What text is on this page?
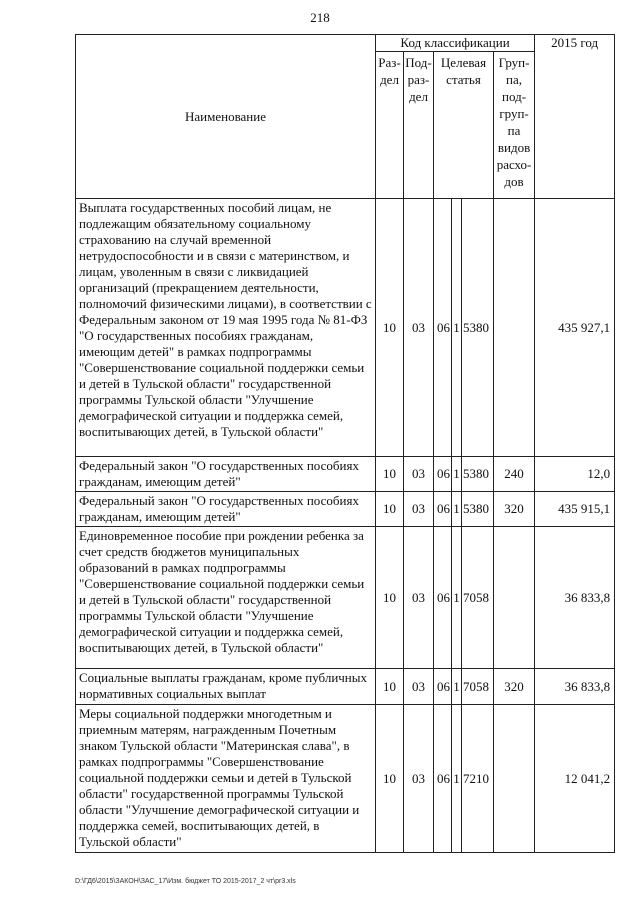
218
Наименование	Код классификации						2015 год
	Раз-дел	Под-раз-дел	Целевая статья			Груп-па, под-груп-па видов расхо-дов	
Выплата государственных пособий лицам, не подлежащим обязательному социальному страхованию на случай временной нетрудоспособности и в связи с материнством, и лицам, уволенным в связи с ликвидацией организаций (прекращением деятельности, полномочий физическими лицами), в соответствии с Федеральным законом от 19 мая 1995 года № 81-ФЗ "О государственных пособиях гражданам, имеющим детей" в рамках подпрограммы "Совершенствование социальной поддержки семьи и детей в Тульской области" государственной программы Тульской области "Улучшение демографической ситуации и поддержка семей, воспитывающих детей, в Тульской области"	10	03	06	1	5380		435 927,1
Федеральный закон "О государственных пособиях гражданам, имеющим детей"	10	03	06	1	5380	240	12,0
Федеральный закон "О государственных пособиях гражданам, имеющим детей"	10	03	06	1	5380	320	435 915,1
Единовременное пособие при рождении ребенка за счет средств бюджетов муниципальных образований в рамках подпрограммы "Совершенствование социальной поддержки семьи и детей в Тульской области" государственной программы Тульской области "Улучшение демографической ситуации и поддержка семей, воспитывающих детей, в Тульской области"	10	03	06	1	7058		36 833,8
Социальные выплаты гражданам, кроме публичных нормативных социальных выплат	10	03	06	1	7058	320	36 833,8
Меры социальной поддержки многодетным и приемным матерям, награжденным Почетным знаком Тульской области "Материнская слава", в рамках подпрограммы "Совершенствование социальной поддержки семьи и детей в Тульской области" государственной программы Тульской области "Улучшение демографической ситуации и поддержка семей, воспитывающих детей, в Тульской области"	10	03	06	1	7210		12 041,2
D:\ГД6\2015\ЗАКОН\ЗАС_17\Изм. бюджет ТО 2015-2017_2 чт\pr3.xls
